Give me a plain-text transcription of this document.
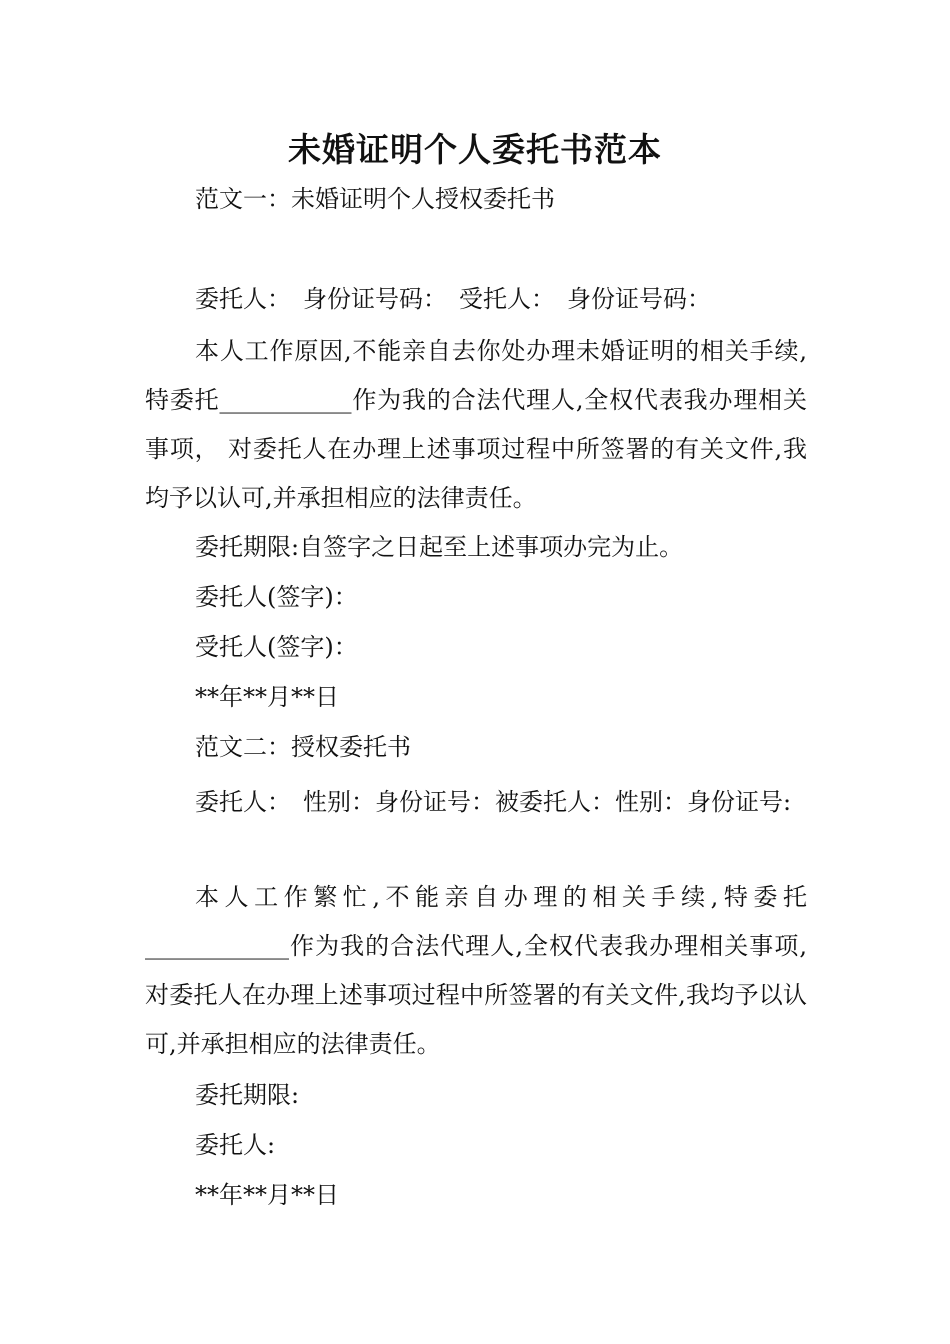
未婚证明个人委托书范本
范文一：未婚证明个人授权委托书
委托人：　身份证号码：　受托人：　身份证号码：
本人工作原因,不能亲自去你处办理未婚证明的相关手续,特委托___________作为我的合法代理人,全权代表我办理相关事项， 对委托人在办理上述事项过程中所签署的有关文件,我均予以认可,并承担相应的法律责任。
委托期限:自签字之日起至上述事项办完为止。
委托人(签字)：
受托人(签字)：
**年**月**日
范文二：授权委托书
委托人：　性别：身份证号：被委托人：性别：身份证号:
本人工作繁忙,不能亲自办理的相关手续,特委托____________作为我的合法代理人,全权代表我办理相关事项,对委托人在办理上述事项过程中所签署的有关文件,我均予以认可,并承担相应的法律责任。
委托期限:
委托人:
**年**月**日
